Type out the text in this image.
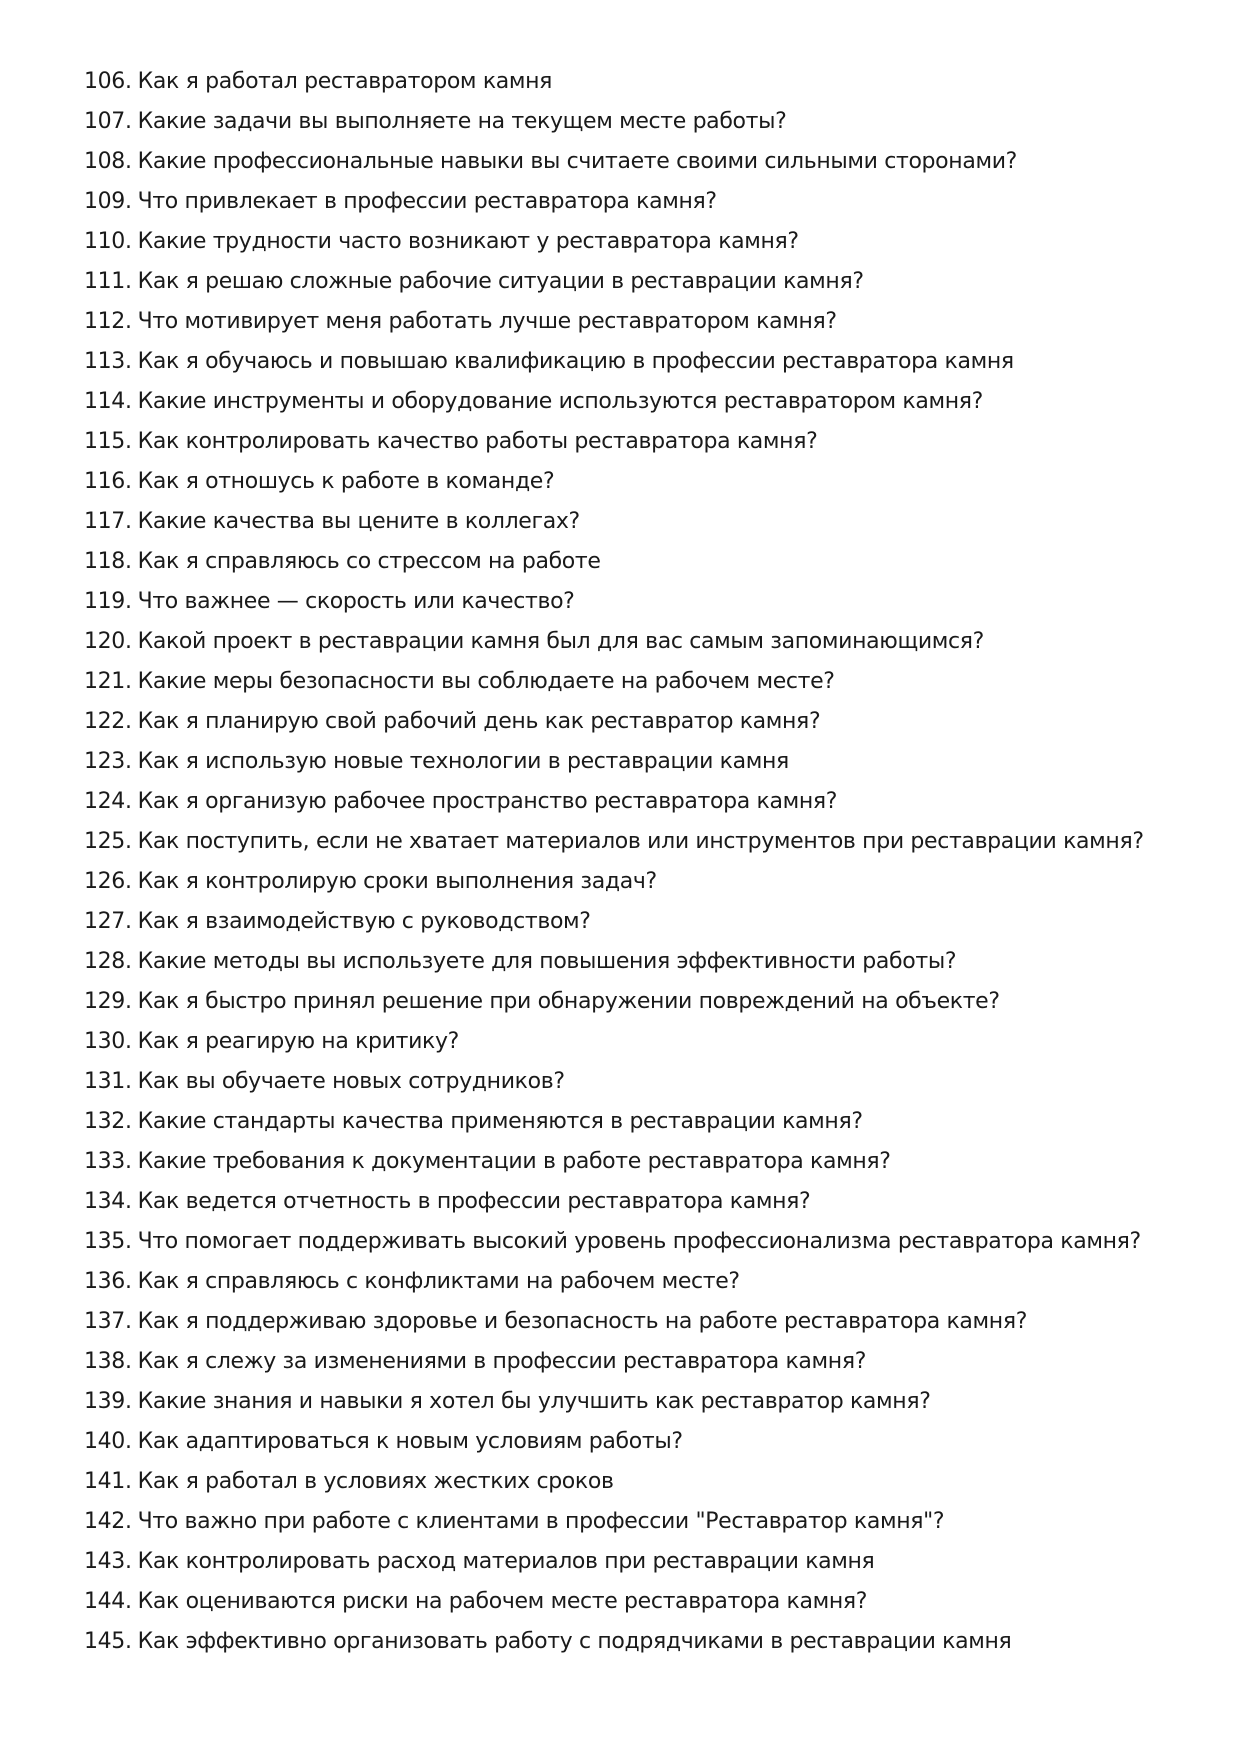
106. Как я работал реставратором камня
107. Какие задачи вы выполняете на текущем месте работы?
108. Какие профессиональные навыки вы считаете своими сильными сторонами?
109. Что привлекает в профессии реставратора камня?
110. Какие трудности часто возникают у реставратора камня?
111. Как я решаю сложные рабочие ситуации в реставрации камня?
112. Что мотивирует меня работать лучше реставратором камня?
113. Как я обучаюсь и повышаю квалификацию в профессии реставратора камня
114. Какие инструменты и оборудование используются реставратором камня?
115. Как контролировать качество работы реставратора камня?
116. Как я отношусь к работе в команде?
117. Какие качества вы цените в коллегах?
118. Как я справляюсь со стрессом на работе
119. Что важнее — скорость или качество?
120. Какой проект в реставрации камня был для вас самым запоминающимся?
121. Какие меры безопасности вы соблюдаете на рабочем месте?
122. Как я планирую свой рабочий день как реставратор камня?
123. Как я использую новые технологии в реставрации камня
124. Как я организую рабочее пространство реставратора камня?
125. Как поступить, если не хватает материалов или инструментов при реставрации камня?
126. Как я контролирую сроки выполнения задач?
127. Как я взаимодействую с руководством?
128. Какие методы вы используете для повышения эффективности работы?
129. Как я быстро принял решение при обнаружении повреждений на объекте?
130. Как я реагирую на критику?
131. Как вы обучаете новых сотрудников?
132. Какие стандарты качества применяются в реставрации камня?
133. Какие требования к документации в работе реставратора камня?
134. Как ведется отчетность в профессии реставратора камня?
135. Что помогает поддерживать высокий уровень профессионализма реставратора камня?
136. Как я справляюсь с конфликтами на рабочем месте?
137. Как я поддерживаю здоровье и безопасность на работе реставратора камня?
138. Как я слежу за изменениями в профессии реставратора камня?
139. Какие знания и навыки я хотел бы улучшить как реставратор камня?
140. Как адаптироваться к новым условиям работы?
141. Как я работал в условиях жестких сроков
142. Что важно при работе с клиентами в профессии "Реставратор камня"?
143. Как контролировать расход материалов при реставрации камня
144. Как оцениваются риски на рабочем месте реставратора камня?
145. Как эффективно организовать работу с подрядчиками в реставрации камня
